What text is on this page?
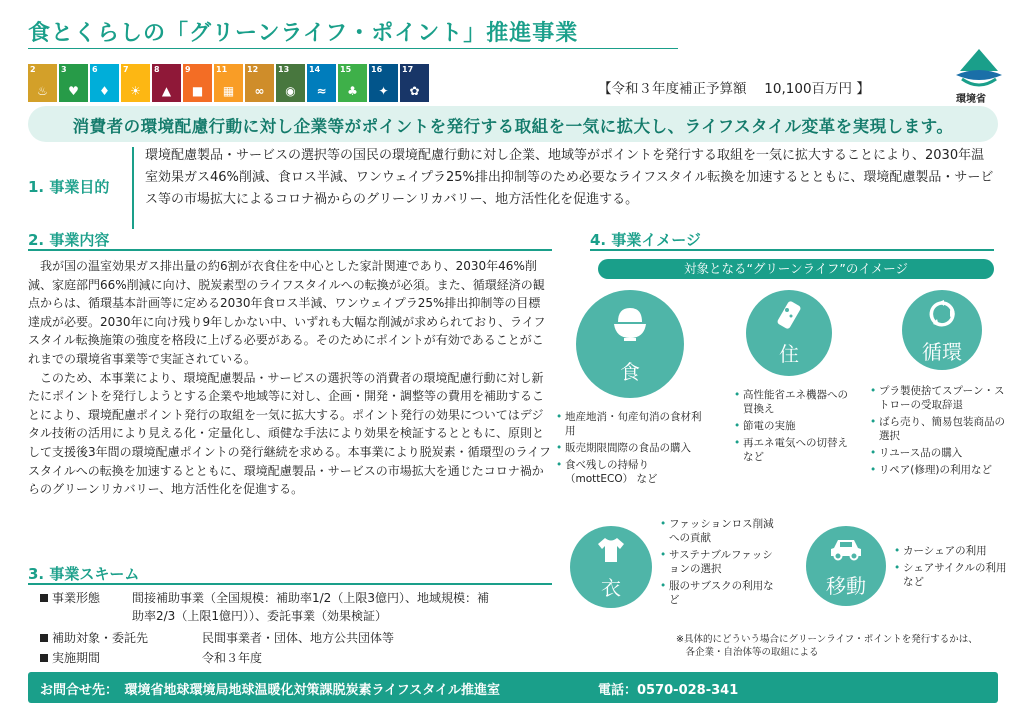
食とくらしの「グリーンライフ・ポイント」推進事業
2
♨
3
♥
6
♦
7
☀
8
▲
9
■
11
▦
12
∞
13
◉
14
≈
15
♣
16
✦
17
✿	【令和３年度補正予算額　 10,100百万円 】
環境省
消費者の環境配慮行動に対し企業等がポイントを発行する取組を一気に拡大し、ライフスタイル変革を実現します。
1. 事業目的
環境配慮製品・サービスの選択等の国民の環境配慮行動に対し企業、地域等がポイントを発行する取組を一気に拡大することにより、2030年温室効果ガス46%削減、食ロス半減、ワンウェイプラ25%排出抑制等のため必要なライフスタイル転換を加速するとともに、環境配慮製品・サービス等の市場拡大によるコロナ禍からのグリーンリカバリー、地方活性化を促進する。
2. 事業内容

我が国の温室効果ガス排出量の約6割が衣食住を中心とした家計関連であり、2030年46%削減、家庭部門66%削減に向け、脱炭素型のライフスタイルへの転換が必須。また、循環経済の観点からは、循環基本計画等に定める2030年食ロス半減、ワンウェイプラ25%排出抑制等の目標達成が必要。2030年に向け残り9年しかない中、いずれも大幅な削減が求められており、ライフスタイル転換施策の強度を格段に上げる必要がある。そのためにポイントが有効であることがこれまでの環境省事業等で実証されている。

このため、本事業により、環境配慮製品・サービスの選択等の消費者の環境配慮行動に対し新たにポイントを発行しようとする企業や地域等に対し、企画・開発・調整等の費用を補助することにより、環境配慮ポイント発行の取組を一気に拡大する。ポイント発行の効果についてはデジタル技術の活用により見える化・定量化し、頑健な手法により効果を検証するとともに、原則として支援後3年間の環境配慮ポイントの発行継続を求める。本事業により脱炭素・循環型のライフスタイルへの転換を加速するとともに、環境配慮製品・サービスの市場拡大を通じたコロナ禍からのグリーンリカバリー、地方活性化を促進する。

3. 事業スキーム
事業形態	間接補助事業（全国規模：補助率1/2（上限3億円）、地域規模：補
助率2/3（上限1億円））、委託事業（効果検証）
補助対象・委託先	民間事業者・団体、地方公共団体等
実施期間	令和３年度
4. 事業イメージ
対象となる“グリーンライフ”のイメージ
食
• 地産地消・旬産旬消の食材利用
• 販売期限間際の食品の購入
• 食べ残しの持帰り（mottECO） など
住
• 高性能省エネ機器への買換え
• 節電の実施
• 再エネ電気への切替え　など
循環
• プラ製使捨てスプーン・ストローの受取辞退
• ばら売り、簡易包装商品の選択
• リユース品の購入
• リペア(修理)の利用など
衣
• ファッションロス削減への貢献
• サステナブルファッションの選択
• 服のサブスクの利用など
移動
• カーシェアの利用
• シェアサイクルの利用　など
※具体的にどういう場合にグリーンライフ・ポイントを発行するかは、
　各企業・自治体等の取組による
お問合せ先：　環境省地球環境局地球温暖化対策課脱炭素ライフスタイル推進室	電話：0570-028-341
